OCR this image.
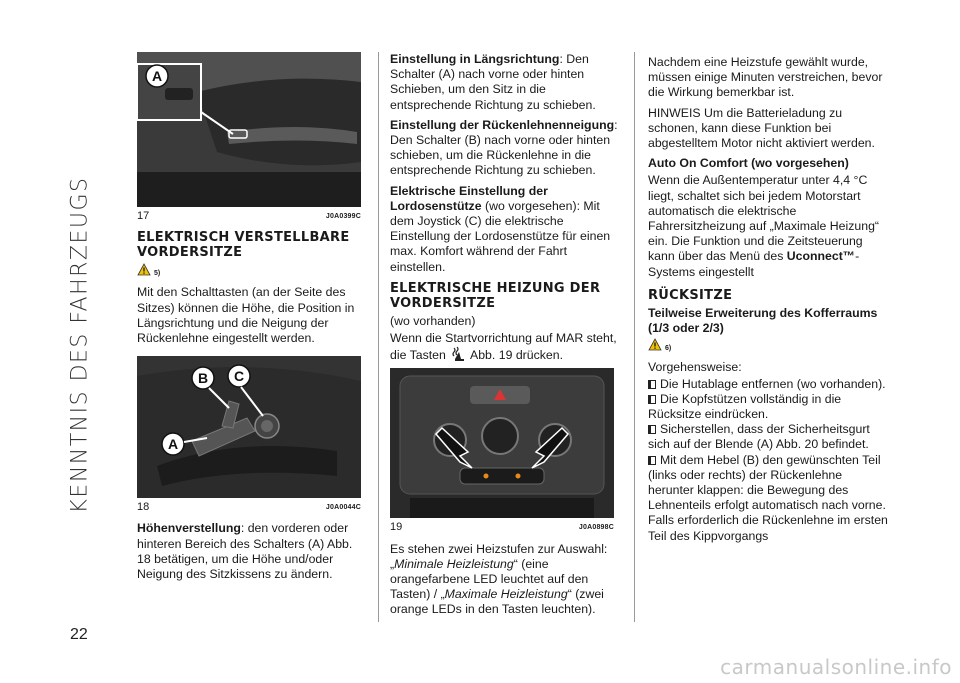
KENNTNIS DES FAHRZEUGS
22
A
17	J0A0399C
ELEKTRISCH VERSTELLBARE VORDERSITZE
5)

Mit den Schalttasten (an der Seite des Sitzes) können die Höhe, die Position in Längsrichtung und die Neigung der Rückenlehne eingestellt werden.

B C
A
18	J0A0044C

Höhenverstellung: den vorderen oder hinteren Bereich des Schalters (A) Abb. 18 betätigen, um die Höhe und/oder Neigung des Sitzkissens zu ändern.

Einstellung in Längsrichtung: Den Schalter (A) nach vorne oder hinten Schieben, um den Sitz in die entsprechende Richtung zu schieben.

Einstellung der Rückenlehnenneigung: Den Schalter (B) nach vorne oder hinten schieben, um die Rückenlehne in die entsprechende Richtung zu schieben.

Elektrische Einstellung der Lordosenstütze (wo vorgesehen): Mit dem Joystick (C) die elektrische Einstellung der Lordosenstütze für einen max. Komfort während der Fahrt einstellen.

ELEKTRISCHE HEIZUNG DER VORDERSITZE

(wo vorhanden)

Wenn die Startvorrichtung auf MAR steht, die Tasten Abb. 19 drücken.

19	J0A0898C

Es stehen zwei Heizstufen zur Auswahl: „Minimale Heizleistung“ (eine orangefarbene LED leuchtet auf den Tasten) / „Maximale Heizleistung“ (zwei orange LEDs in den Tasten leuchten).

Nachdem eine Heizstufe gewählt wurde, müssen einige Minuten verstreichen, bevor die Wirkung bemerkbar ist.

HINWEIS Um die Batterieladung zu schonen, kann diese Funktion bei abgestelltem Motor nicht aktiviert werden.

Auto On Comfort (wo vorgesehen)

Wenn die Außentemperatur unter 4,4 °C liegt, schaltet sich bei jedem Motorstart automatisch die elektrische Fahrersitzheizung auf „Maximale Heizung“ ein. Die Funktion und die Zeitsteuerung kann über das Menü des Uconnect™-Systems eingestellt

RÜCKSITZE

Teilweise Erweiterung des Kofferraums (1/3 oder 2/3)

6)

Vorgehensweise:

Die Hutablage entfernen (wo vorhanden).

Die Kopfstützen vollständig in die Rücksitze eindrücken.

Sicherstellen, dass der Sicherheitsgurt sich auf der Blende (A) Abb. 20 befindet.

Mit dem Hebel (B) den gewünschten Teil (links oder rechts) der Rückenlehne herunter klappen: die Bewegung des Lehnenteils erfolgt automatisch nach vorne. Falls erforderlich die Rückenlehne im ersten Teil des Kippvorgangs

carmanualsonline.info
